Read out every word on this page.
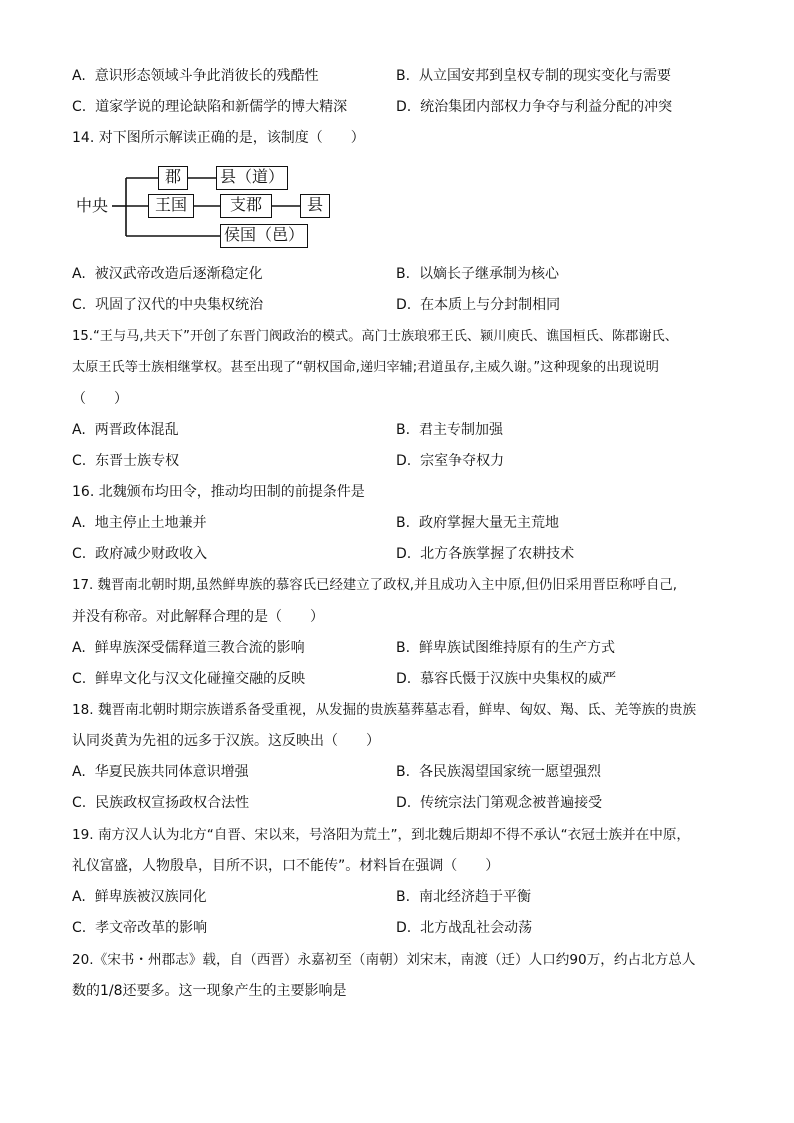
A. 意识形态领域斗争此消彼长的残酷性	B. 从立国安邦到皇权专制的现实变化与需要
C. 道家学说的理论缺陷和新儒学的博大精深	D. 统治集团内部权力争夺与利益分配的冲突
14. 对下图所示解读正确的是，该制度（　　）
中央
郡	县（道）
王国	支郡	县
侯国（邑）
A. 被汉武帝改造后逐渐稳定化	B. 以嫡长子继承制为核心
C. 巩固了汉代的中央集权统治	D. 在本质上与分封制相同
15.“王与马,共天下”开创了东晋门阀政治的模式。高门士族琅邪王氏、颍川庾氏、谯国桓氏、陈郡谢氏、
太原王氏等士族相继掌权。甚至出现了“朝权国命,递归宰辅;君道虽存,主威久谢。”这种现象的出现说明
（　　）
A. 两晋政体混乱	B. 君主专制加强
C. 东晋士族专权	D. 宗室争夺权力
16. 北魏颁布均田令，推动均田制的前提条件是
A. 地主停止土地兼并	B. 政府掌握大量无主荒地
C. 政府减少财政收入	D. 北方各族掌握了农耕技术
17. 魏晋南北朝时期,虽然鲜卑族的慕容氏已经建立了政权,并且成功入主中原,但仍旧采用晋臣称呼自己,
并没有称帝。对此解释合理的是（　　）
A. 鲜卑族深受儒释道三教合流的影响	B. 鲜卑族试图维持原有的生产方式
C. 鲜卑文化与汉文化碰撞交融的反映	D. 慕容氏慑于汉族中央集权的威严
18. 魏晋南北朝时期宗族谱系备受重视，从发掘的贵族墓葬墓志看，鲜卑、匈奴、羯、氐、羌等族的贵族
认同炎黄为先祖的远多于汉族。这反映出（　　）
A. 华夏民族共同体意识增强	B. 各民族渴望国家统一愿望强烈
C. 民族政权宣扬政权合法性	D. 传统宗法门第观念被普遍接受
19. 南方汉人认为北方“自晋、宋以来，号洛阳为荒土”，到北魏后期却不得不承认“衣冠士族并在中原，
礼仪富盛，人物殷阜，目所不识，口不能传”。材料旨在强调（　　）
A. 鲜卑族被汉族同化	B. 南北经济趋于平衡
C. 孝文帝改革的影响	D. 北方战乱社会动荡
20.《宋书・州郡志》载，自（西晋）永嘉初至（南朝）刘宋末，南渡（迁）人口约90万，约占北方总人
数的1/8还要多。这一现象产生的主要影响是
